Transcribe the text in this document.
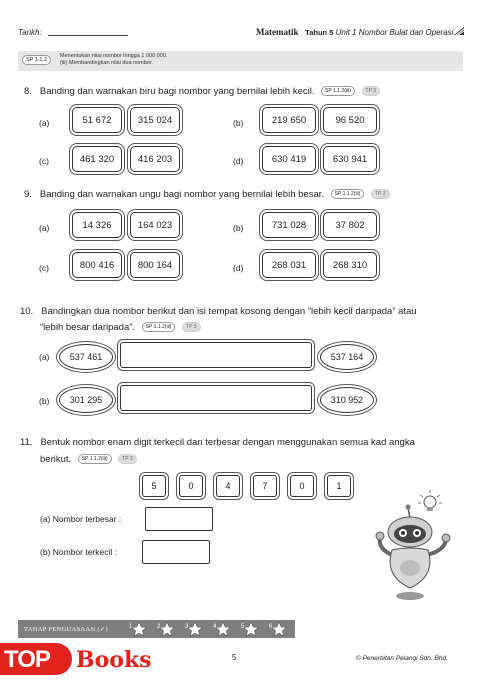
Tarikh:	Matematik Tahun 5 Unit 1 Nombor Bulat dan Operasi
SP 1.1.2
Menentukan nilai nombor hingga 1 000 000.
(iii) Membandingkan nilai dua nombor.
8. Banding dan warnakan biru bagi nombor yang bernilai lebih kecil. SP 1.1.2(iii)	TP 3
(a)	51 672	315 024	(b)	219 650	96 520
(c)	461 320	416 203	(d)	630 419	630 941
9. Banding dan warnakan ungu bagi nombor yang bernilai lebih besar. SP 1.1.2(iii)	TP 3
(a)	14 326	164 023	(b)	731 028	37 802
(c)	800 416	800 164	(d)	268 031	268 310
10. Bandingkan dua nombor berikut dan isi tempat kosong dengan “lebih kecil daripada” atau
“lebih besar daripada”. SP 1.1.2(iii)	TP 3
(a)	537 461	537 164
(b)	301 295	310 952
11. Bentuk nombor enam digit terkecil dan terbesar dengan menggunakan semua kad angka
berikut. SP 1.1.2(iii)	TP 3
5	0	4	7	0	1
(a) Nombor terbesar :
(b) Nombor terkecil :
TAHAP PENGUASAAN (✓)	1	2	3	4	5	6
TOP Books	5	© Penerbitan Pelangi Sdn. Bhd.
